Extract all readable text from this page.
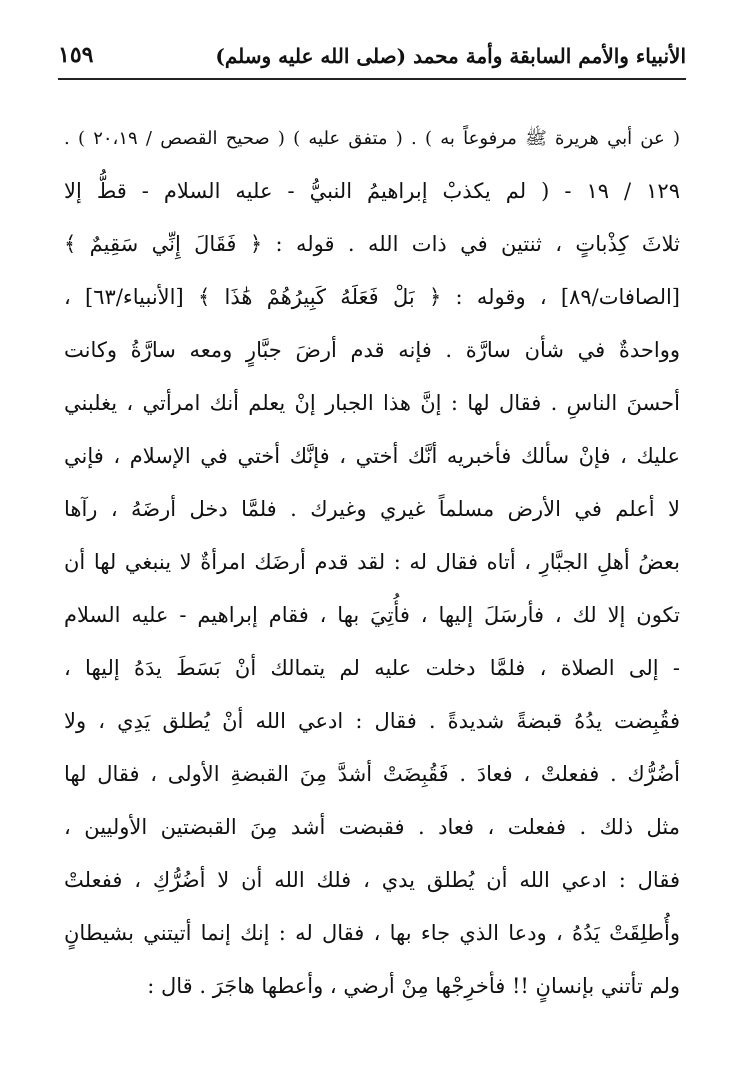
الأنبياء والأمم السابقة وأمة محمد (صلى الله عليه وسلم)
١٥٩
( عن أبي هريرة ﷺ مرفوعاً به ) . ( متفق عليه ) ( صحيح القصص / ٢٠،١٩ ) .
١٢٩ / ١٩ - ( لم يكذبْ إبراهيمُ النبيُّ - عليه السلام - قطُّ إلا
ثلاثَ كِذْباتٍ ، ثنتين في ذات الله . قوله : ﴿ فَقَالَ إِنِّي سَقِيمٌ ﴾
[الصافات/٨٩] ، وقوله : ﴿ بَلْ فَعَلَهُ كَبِيرُهُمْ هَٰذَا ﴾ [الأنبياء/٦٣] ،
وواحدةٌ في شأن سارَّة . فإنه قدم أرضَ جبَّارٍ ومعه سارَّةُ وكانت
أحسنَ الناسِ . فقال لها : إنَّ هذا الجبار إنْ يعلم أنك امرأتي ، يغلبني
عليك ، فإنْ سألك فأخبريه أنَّك أختي ، فإنَّك أختي في الإسلام ، فإني
لا أعلم في الأرض مسلماً غيري وغيرك . فلمَّا دخل أرضَهُ ، رآها
بعضُ أهلِ الجبَّارِ ، أتاه فقال له : لقد قدم أرضَك امرأةٌ لا ينبغي لها أن
تكون إلا لك ، فأرسَلَ إليها ، فأُتِيَ بها ، فقام إبراهيم - عليه السلام
- إلى الصلاة ، فلمَّا دخلت عليه لم يتمالك أنْ بَسَطَ يدَهُ إليها ،
فقُبِضت يدُهُ قبضةً شديدةً . فقال : ادعي الله أنْ يُطلق يَدِي ، ولا
أضُرُّك . ففعلتْ ، فعادَ . فَقُبِضَتْ أشدَّ مِنَ القبضةِ الأولى ، فقال لها
مثل ذلك . ففعلت ، فعاد . فقبضت أشد مِنَ القبضتين الأوليين ،
فقال : ادعي الله أن يُطلق يدي ، فلك الله أن لا أضُرُّكِ ، ففعلتْ
وأُطلِقَتْ يَدُهُ ، ودعا الذي جاء بها ، فقال له : إنك إنما أتيتني بشيطانٍ
ولم تأتني بإنسانٍ !! فأخرِجْها مِنْ أرضي ، وأعطها هاجَرَ . قال :
